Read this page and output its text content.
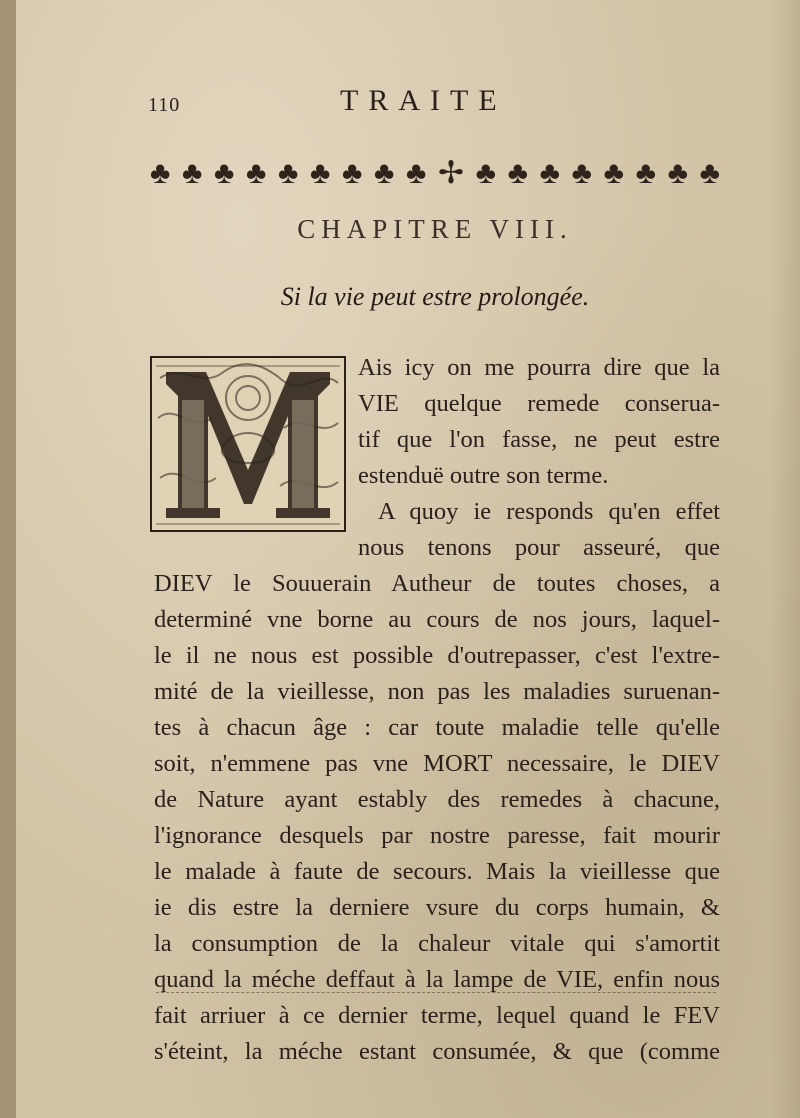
110	TRAITE
♣ ♣ ♣ ♣ ♣ ♣ ♣ ♣ ♣ ✢ ♣ ♣ ♣ ♣ ♣ ♣ ♣ ♣
CHAPITRE VIII.
Si la vie peut estre prolongée.
Ais icy on me pourra dire que la
VIE quelque remede conserua-
tif que l'on fasse, ne peut estre
estenduë outre son terme.
A quoy ie responds qu'en effet
nous tenons pour asseuré, que
DIEV le Souuerain Autheur de toutes choses, a
determiné vne borne au cours de nos jours, laquel-
le il ne nous est possible d'outrepasser, c'est l'extre-
mité de la vieillesse, non pas les maladies suruenan-
tes à chacun âge : car toute maladie telle qu'elle
soit, n'emmene pas vne MORT necessaire, le DIEV
de Nature ayant estably des remedes à chacune,
l'ignorance desquels par nostre paresse, fait mourir
le malade à faute de secours. Mais la vieillesse que
ie dis estre la derniere vsure du corps humain, &
la consumption de la chaleur vitale qui s'amortit
quand la méche deffaut à la lampe de VIE, enfin nous
fait arriuer à ce dernier terme, lequel quand le FEV
s'éteint, la méche estant consumée, & que (comme
